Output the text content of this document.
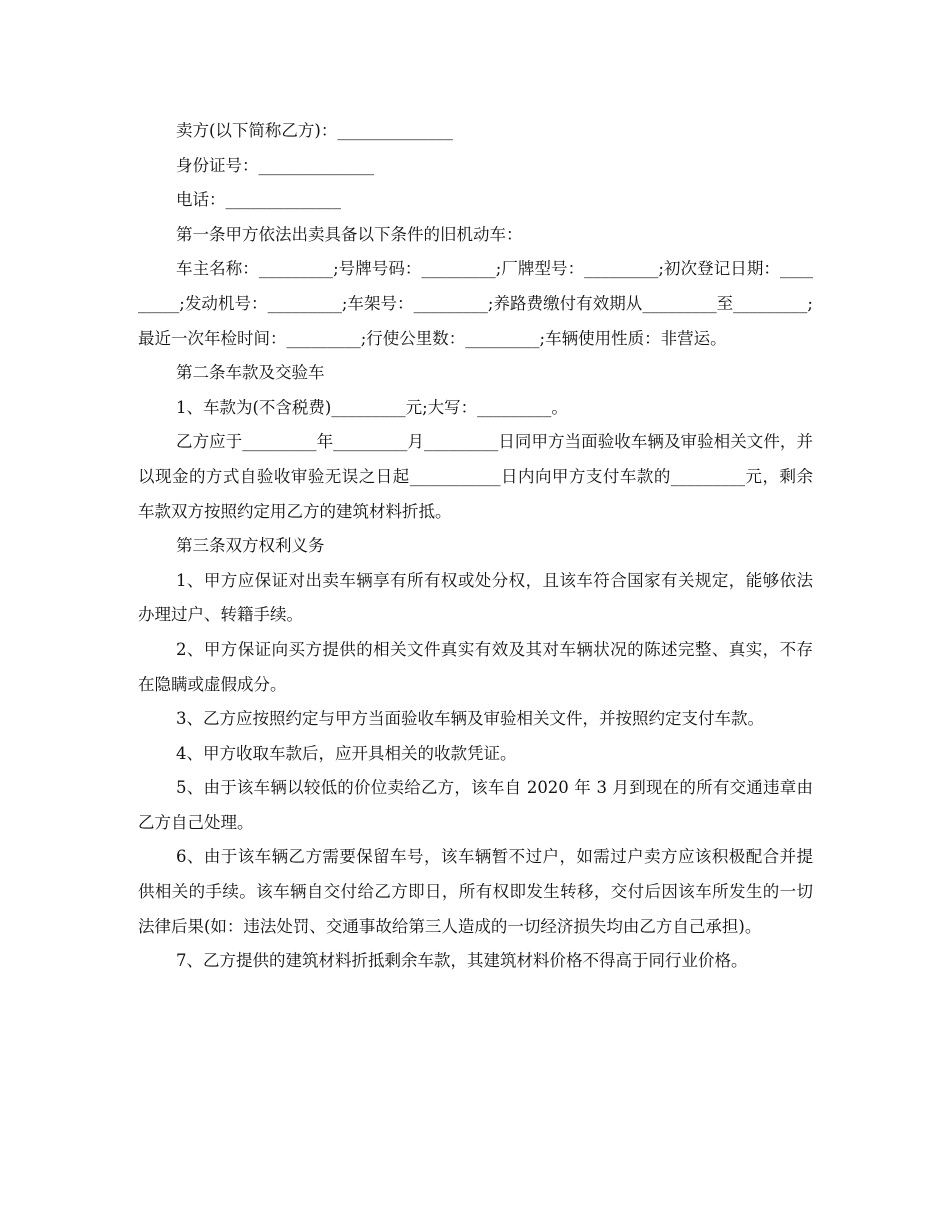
卖方(以下简称乙方)：______________

身份证号：______________

电话：______________

第一条甲方依法出卖具备以下条件的旧机动车：

车主名称：_________;号牌号码：_________;厂牌型号：_________;初次登记日期：_________;发动机号：_________;车架号：_________;养路费缴付有效期从_________至_________;最近一次年检时间：_________;行使公里数：_________;车辆使用性质：非营运。

第二条车款及交验车

1、车款为(不含税费)_________元;大写：_________。

乙方应于_________年_________月_________日同甲方当面验收车辆及审验相关文件，并以现金的方式自验收审验无误之日起___________日内向甲方支付车款的_________元，剩余车款双方按照约定用乙方的建筑材料折抵。

第三条双方权利义务

1、甲方应保证对出卖车辆享有所有权或处分权，且该车符合国家有关规定，能够依法办理过户、转籍手续。

2、甲方保证向买方提供的相关文件真实有效及其对车辆状况的陈述完整、真实，不存在隐瞒或虚假成分。

3、乙方应按照约定与甲方当面验收车辆及审验相关文件，并按照约定支付车款。

4、甲方收取车款后，应开具相关的收款凭证。

5、由于该车辆以较低的价位卖给乙方，该车自 2020 年 3 月到现在的所有交通违章由乙方自己处理。

6、由于该车辆乙方需要保留车号，该车辆暂不过户，如需过户卖方应该积极配合并提供相关的手续。该车辆自交付给乙方即日，所有权即发生转移，交付后因该车所发生的一切法律后果(如：违法处罚、交通事故给第三人造成的一切经济损失均由乙方自己承担)。

7、乙方提供的建筑材料折抵剩余车款，其建筑材料价格不得高于同行业价格。
